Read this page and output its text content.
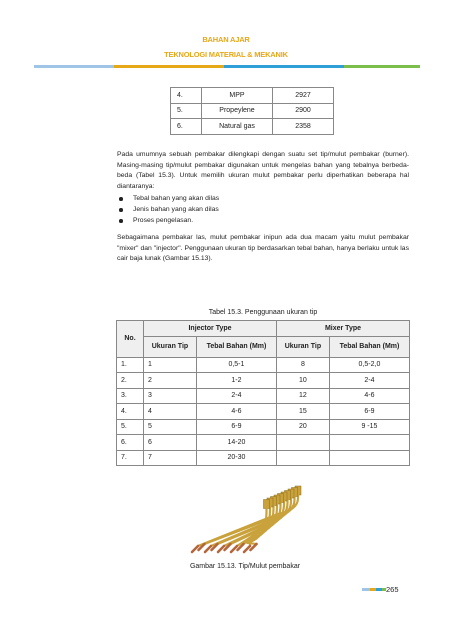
BAHAN AJAR
TEKNOLOGI MATERIAL & MEKANIK
4.	MPP	2927
5.	Propeylene	2900
6.	Natural gas	2358

Pada umumnya sebuah pembakar dilengkapi dengan suatu set tip/mulut pembakar (burner). Masing-masing tip/mulut pembakar digunakan untuk mengelas bahan yang tebalnya berbeda-beda (Tabel 15.3). Untuk memilih ukuran mulut pembakar perlu diperhatikan beberapa hal diantaranya:

Tebal bahan yang akan dilas
Jenis bahan yang akan dilas
Proses pengelasan.

Sebagaimana pembakar las, mulut pembakar inipun ada dua macam yaitu mulut pembakar "mixer" dan "injector". Penggunaan ukuran tip berdasarkan tebal bahan, hanya berlaku untuk las cair baja lunak (Gambar 15.13).

Tabel 15.3. Penggunaan ukuran tip
No.	Injector Type		Mixer Type	
	Ukuran Tip	Tebal Bahan (Mm)	Ukuran Tip	Tebal Bahan (Mm)
1.	1	0,5-1	8	0,5-2,0
2.	2	1-2	10	2-4
3.	3	2-4	12	4-6
4.	4	4-6	15	6-9
5.	5	6-9	20	9 -15
6.	6	14-20		
7.	7	20-30		
Gambar 15.13. Tip/Mulut pembakar
265
